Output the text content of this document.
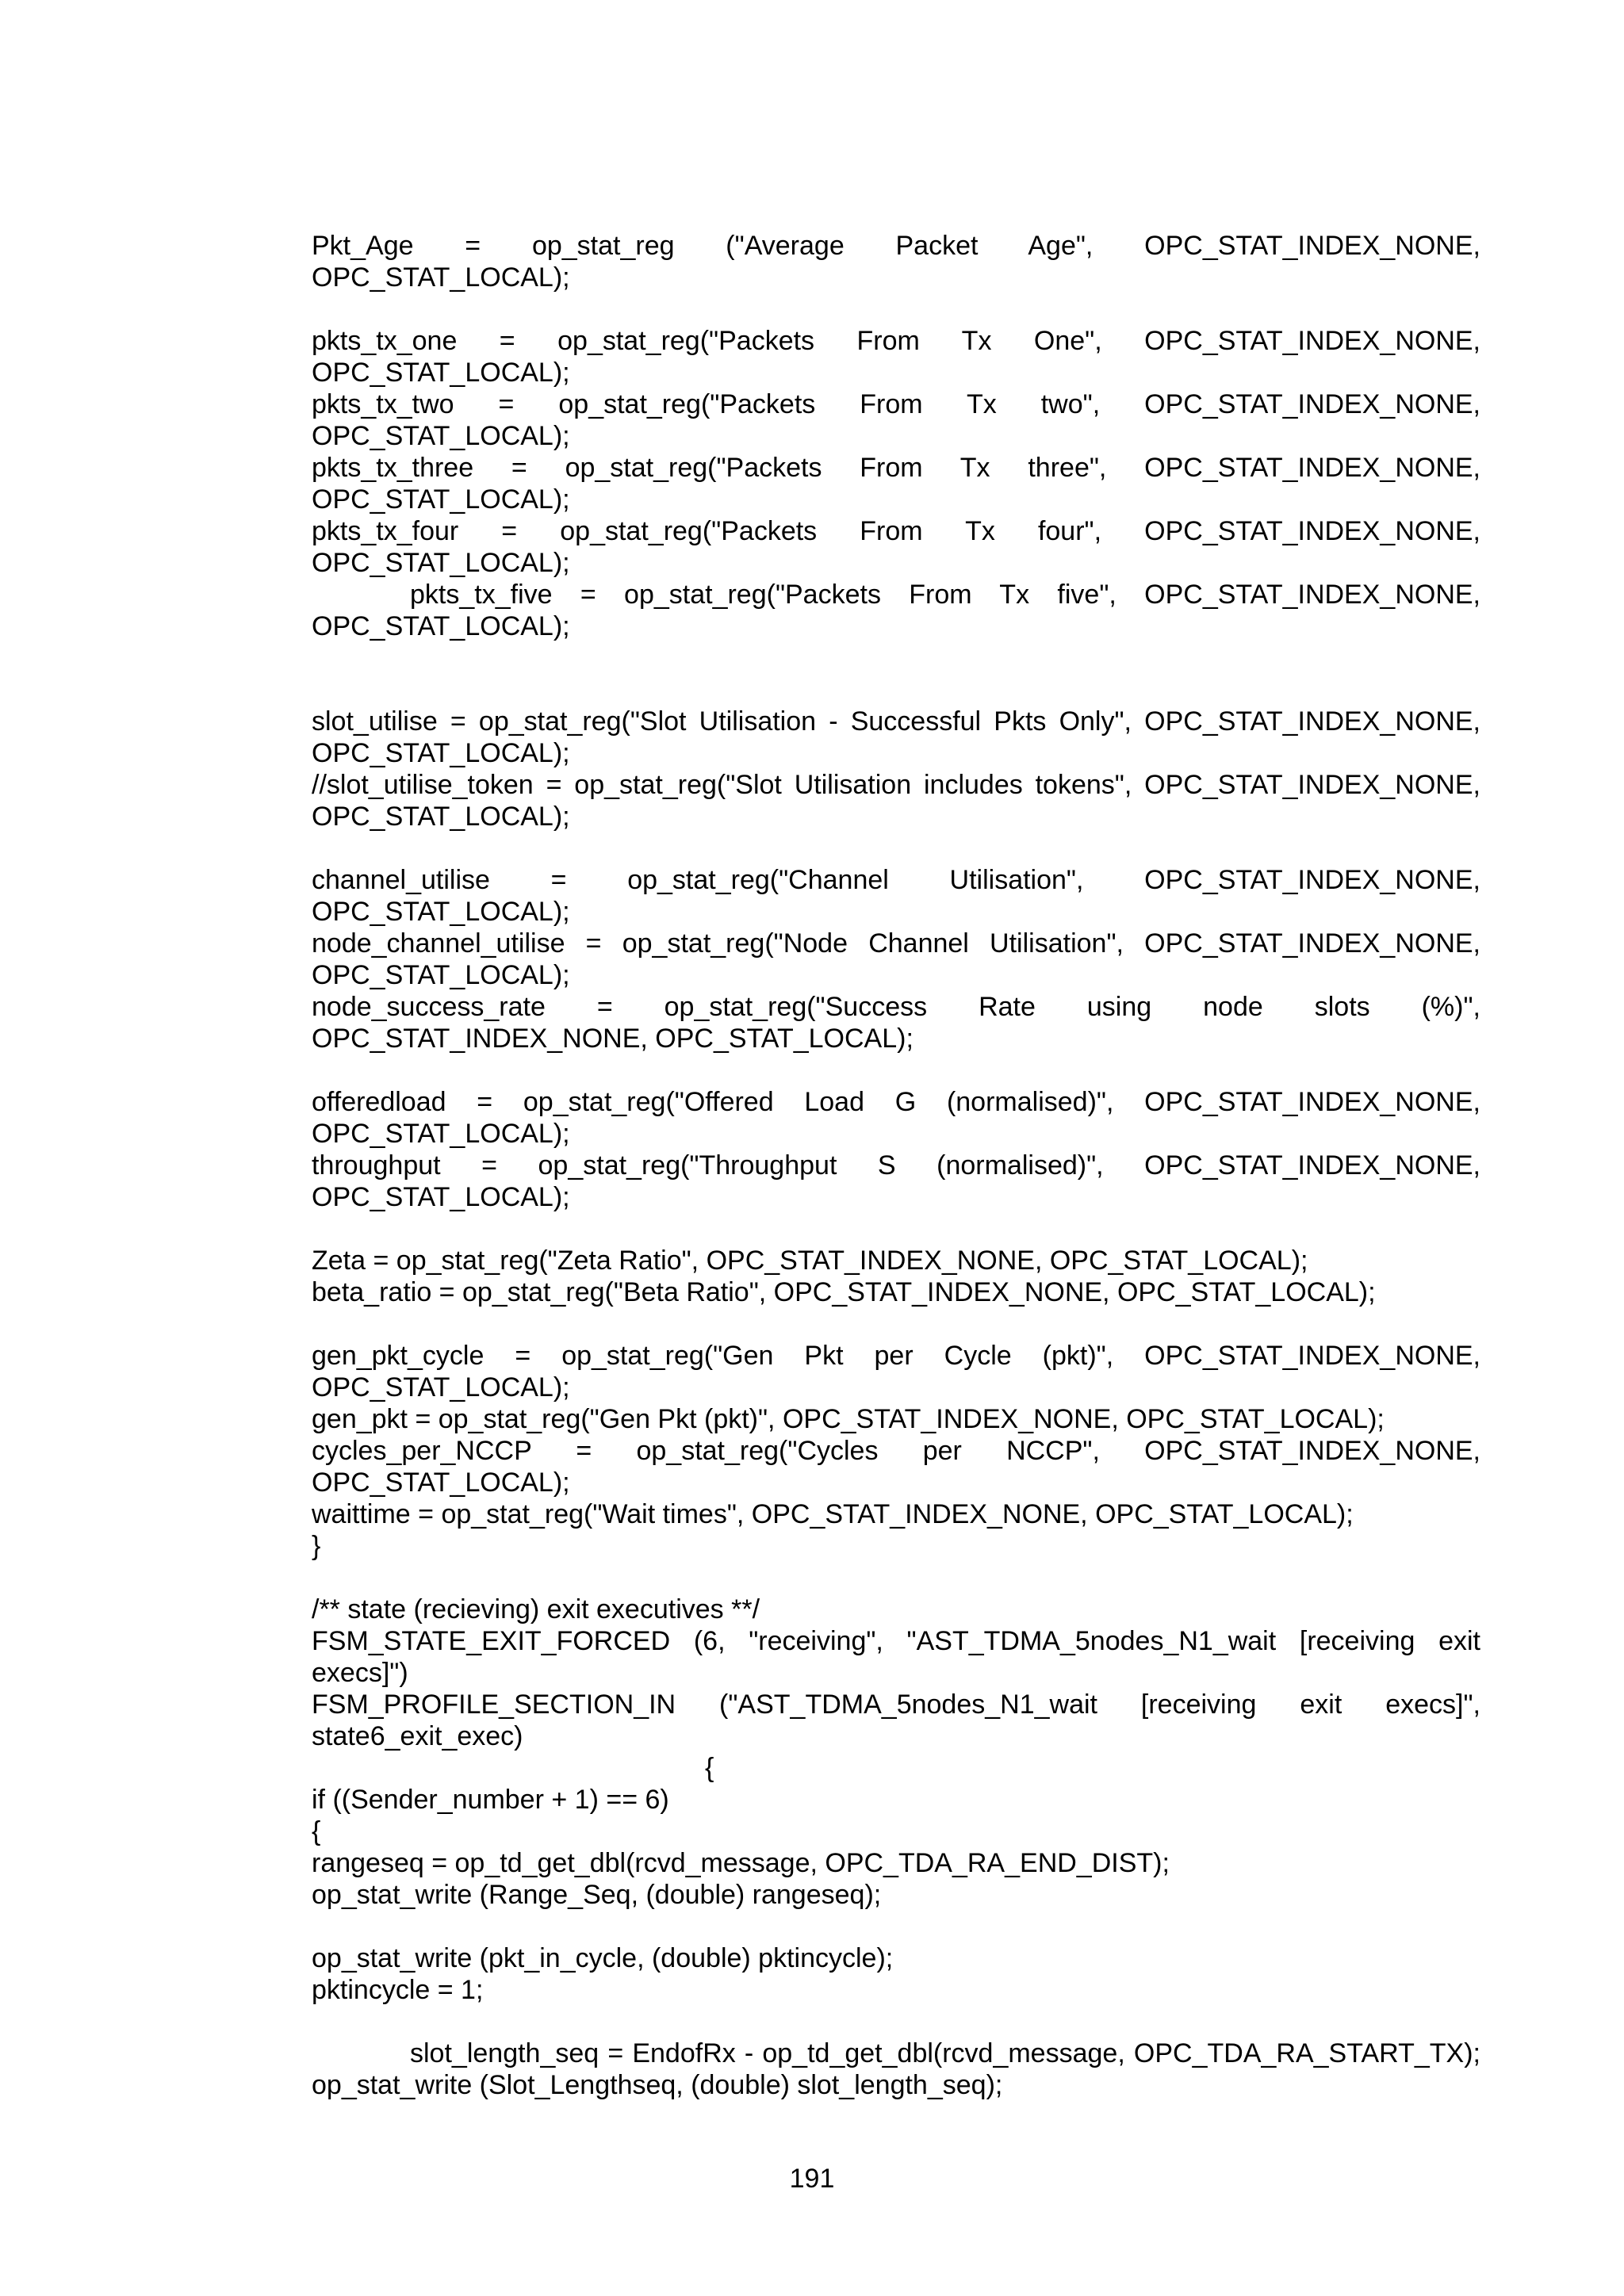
Pkt_Age = op_stat_reg ("Average Packet Age", OPC_STAT_INDEX_NONE, OPC_STAT_LOCAL);

pkts_tx_one = op_stat_reg("Packets From Tx One", OPC_STAT_INDEX_NONE, OPC_STAT_LOCAL);

pkts_tx_two = op_stat_reg("Packets From Tx two", OPC_STAT_INDEX_NONE, OPC_STAT_LOCAL);

pkts_tx_three = op_stat_reg("Packets From Tx three", OPC_STAT_INDEX_NONE, OPC_STAT_LOCAL);

pkts_tx_four = op_stat_reg("Packets From Tx four", OPC_STAT_INDEX_NONE, OPC_STAT_LOCAL);

pkts_tx_five = op_stat_reg("Packets From Tx five", OPC_STAT_INDEX_NONE, OPC_STAT_LOCAL);

slot_utilise = op_stat_reg("Slot Utilisation - Successful Pkts Only", OPC_STAT_INDEX_NONE, OPC_STAT_LOCAL);

//slot_utilise_token = op_stat_reg("Slot Utilisation includes tokens", OPC_STAT_INDEX_NONE, OPC_STAT_LOCAL);

channel_utilise = op_stat_reg("Channel Utilisation", OPC_STAT_INDEX_NONE, OPC_STAT_LOCAL);

node_channel_utilise = op_stat_reg("Node Channel Utilisation", OPC_STAT_INDEX_NONE, OPC_STAT_LOCAL);

node_success_rate = op_stat_reg("Success Rate using node slots (%)", OPC_STAT_INDEX_NONE, OPC_STAT_LOCAL);

offeredload = op_stat_reg("Offered Load G (normalised)", OPC_STAT_INDEX_NONE, OPC_STAT_LOCAL);

throughput = op_stat_reg("Throughput S (normalised)", OPC_STAT_INDEX_NONE, OPC_STAT_LOCAL);

Zeta = op_stat_reg("Zeta Ratio", OPC_STAT_INDEX_NONE, OPC_STAT_LOCAL);

beta_ratio = op_stat_reg("Beta Ratio", OPC_STAT_INDEX_NONE, OPC_STAT_LOCAL);

gen_pkt_cycle = op_stat_reg("Gen Pkt per Cycle (pkt)", OPC_STAT_INDEX_NONE, OPC_STAT_LOCAL);

gen_pkt = op_stat_reg("Gen Pkt (pkt)", OPC_STAT_INDEX_NONE, OPC_STAT_LOCAL);

cycles_per_NCCP = op_stat_reg("Cycles per NCCP", OPC_STAT_INDEX_NONE, OPC_STAT_LOCAL);

waittime = op_stat_reg("Wait times", OPC_STAT_INDEX_NONE, OPC_STAT_LOCAL);

}

/** state (recieving) exit executives **/

FSM_STATE_EXIT_FORCED (6, "receiving", "AST_TDMA_5nodes_N1_wait [receiving exit execs]")

FSM_PROFILE_SECTION_IN ("AST_TDMA_5nodes_N1_wait [receiving exit execs]", state6_exit_exec)

{

if ((Sender_number + 1) == 6)

{

rangeseq = op_td_get_dbl(rcvd_message, OPC_TDA_RA_END_DIST);

op_stat_write (Range_Seq, (double) rangeseq);

op_stat_write (pkt_in_cycle, (double) pktincycle);

pktincycle = 1;

slot_length_seq = EndofRx - op_td_get_dbl(rcvd_message, OPC_TDA_RA_START_TX); op_stat_write (Slot_Lengthseq, (double) slot_length_seq);

191
